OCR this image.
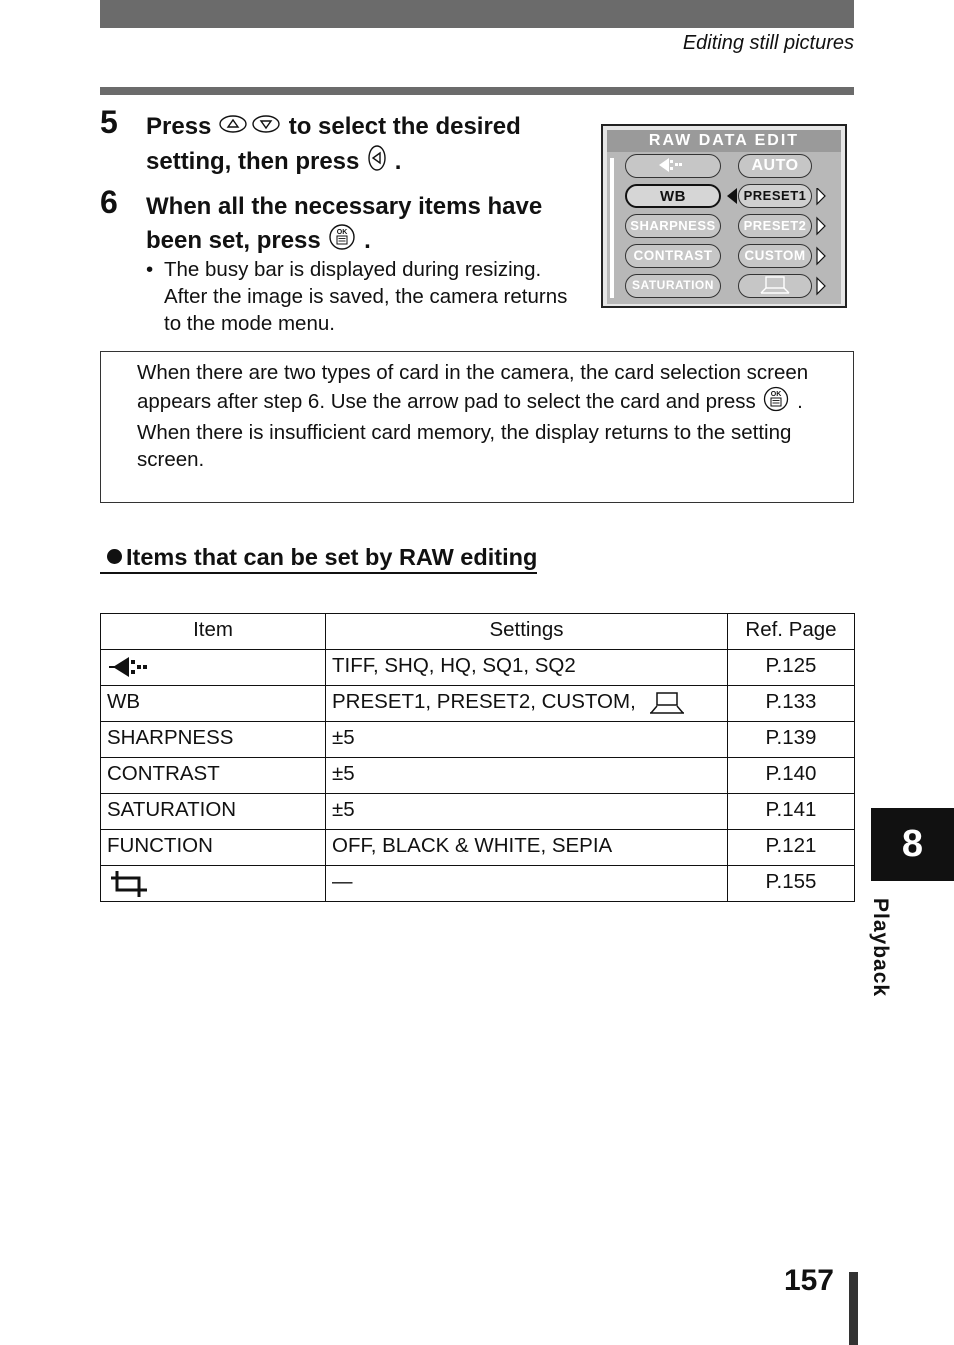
Editing still pictures
5 Press	to select the desired setting, then press .
6 When all the necessary items have been set, press OK .
• The busy bar is displayed during resizing. After the image is saved, the camera returns to the mode menu.
RAW DATA EDIT
WB
SHARPNESS
CONTRAST
SATURATION
AUTO
PRESET1
PRESET2
CUSTOM
When there are two types of card in the camera, the card selection screen appears after step 6. Use the arrow pad to select the card and press OK .
When there is insufficient card memory, the display returns to the setting screen.
Items that can be set by RAW editing
Item	Settings	Ref. Page
	TIFF, SHQ, HQ, SQ1, SQ2	P.125
WB	PRESET1, PRESET2, CUSTOM,	P.133
SHARPNESS	±5	P.139
CONTRAST	±5	P.140
SATURATION	±5	P.141
FUNCTION	OFF, BLACK & WHITE, SEPIA	P.121
	—	P.155
8
Playback
157
